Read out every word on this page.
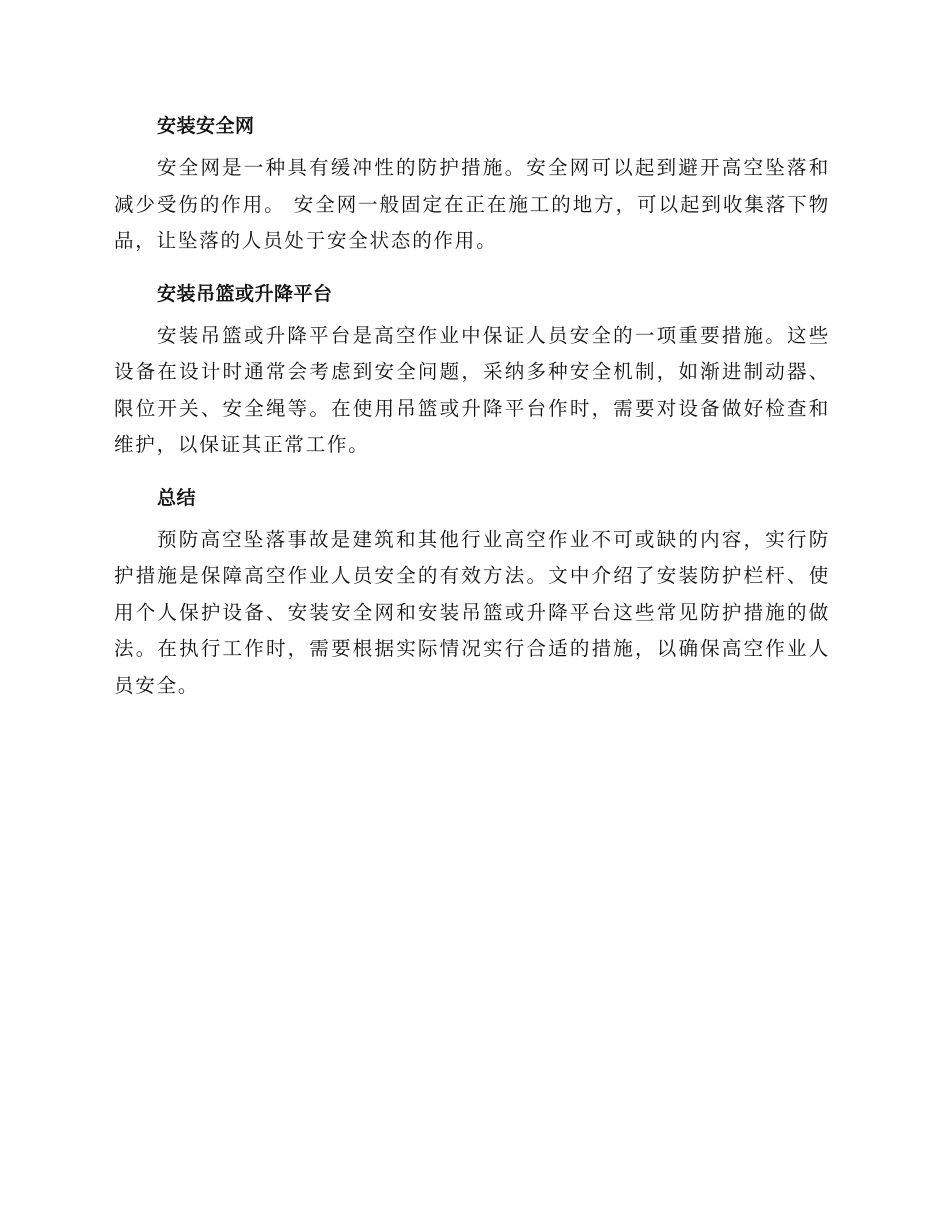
安装安全网

安全网是一种具有缓冲性的防护措施。安全网可以起到避开高空坠落和减少受伤的作用。 安全网一般固定在正在施工的地方，可以起到收集落下物品，让坠落的人员处于安全状态的作用。

安装吊篮或升降平台

安装吊篮或升降平台是高空作业中保证人员安全的一项重要措施。这些设备在设计时通常会考虑到安全问题，采纳多种安全机制，如渐进制动器、限位开关、安全绳等。在使用吊篮或升降平台作时，需要对设备做好检查和维护，以保证其正常工作。

总结

预防高空坠落事故是建筑和其他行业高空作业不可或缺的内容，实行防护措施是保障高空作业人员安全的有效方法。文中介绍了安装防护栏杆、使用个人保护设备、安装安全网和安装吊篮或升降平台这些常见防护措施的做法。在执行工作时，需要根据实际情况实行合适的措施，以确保高空作业人员安全。
